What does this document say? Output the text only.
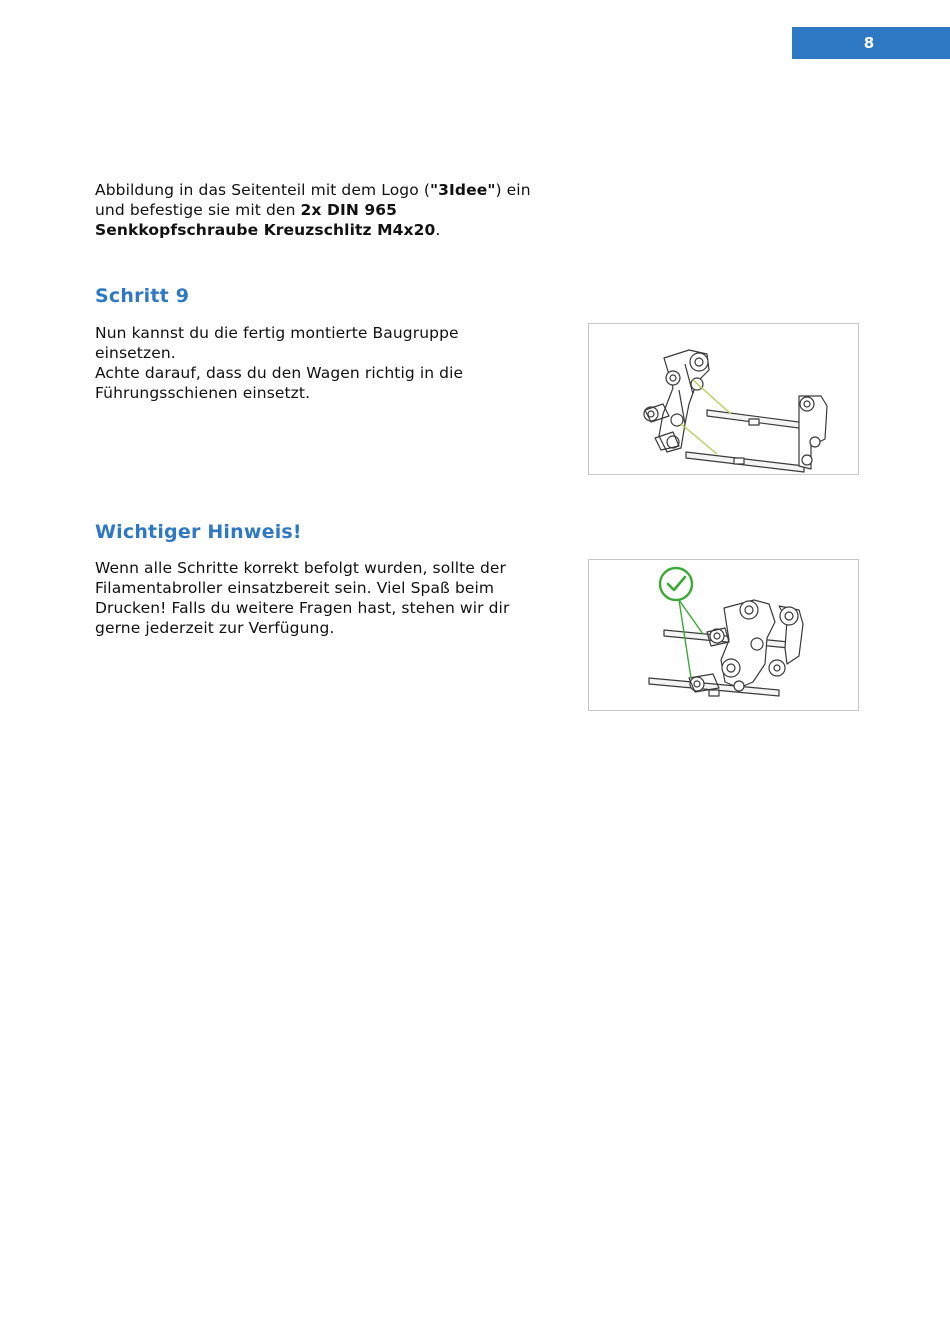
8

Abbildung in das Seitenteil mit dem Logo ("3Idee") ein

und befestige sie mit den 2x DIN 965

Senkkopfschraube Kreuzschlitz M4x20.

Schritt 9

Nun kannst du die fertig montierte Baugruppe

einsetzen.

Achte darauf, dass du den Wagen richtig in die

Führungsschienen einsetzt.

Wichtiger Hinweis!

Wenn alle Schritte korrekt befolgt wurden, sollte der

Filamentabroller einsatzbereit sein. Viel Spaß beim

Drucken! Falls du weitere Fragen hast, stehen wir dir

gerne jederzeit zur Verfügung.
